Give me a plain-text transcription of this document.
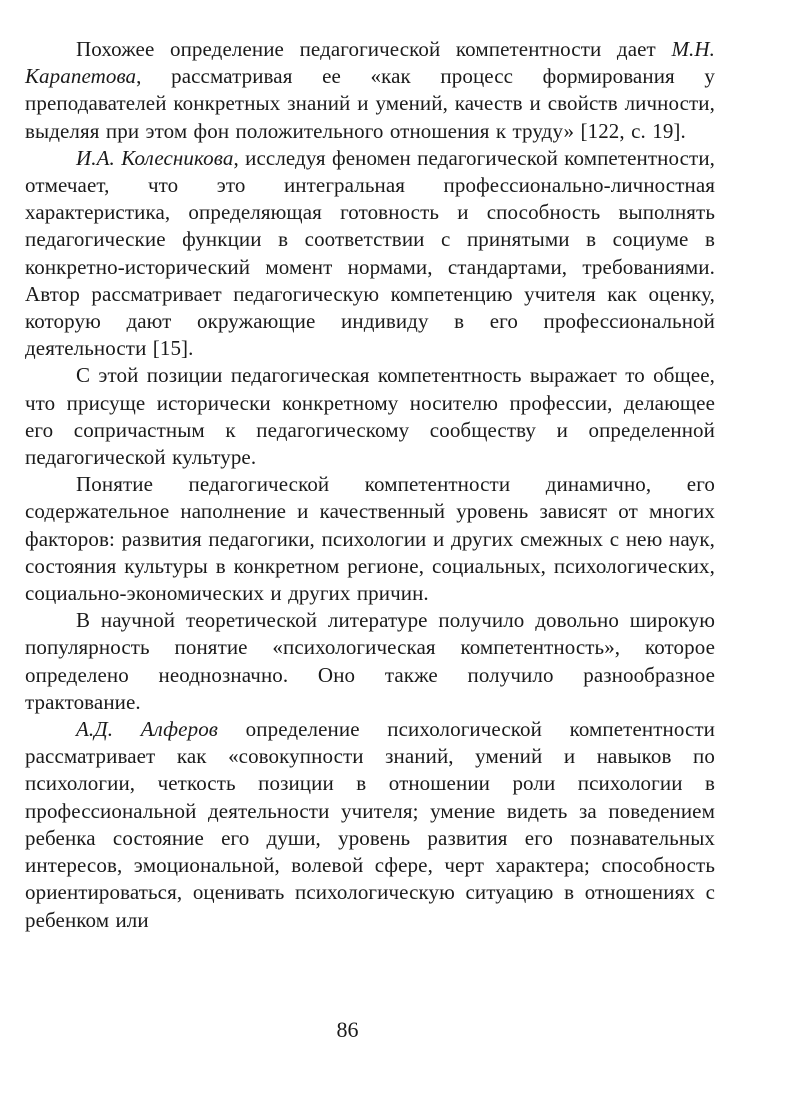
Похожее определение педагогической компетентности дает М.Н. Карапетова, рассматривая ее «как процесс формирования у преподавателей конкретных знаний и умений, качеств и свойств личности, выделяя при этом фон положительного отношения к труду» [122, с. 19].

И.А. Колесникова, исследуя феномен педагогической компетентности, отмечает, что это интегральная профессионально-личностная характеристика, определяющая готовность и способность выполнять педагогические функции в соответствии с принятыми в социуме в конкретно-исторический момент нормами, стандартами, требованиями. Автор рассматривает педагогическую компетенцию учителя как оценку, которую дают окружающие индивиду в его профессиональной деятельности [15].

С этой позиции педагогическая компетентность выражает то общее, что присуще исторически конкретному носителю профессии, делающее его сопричастным к педагогическому сообществу и определенной педагогической культуре.

Понятие педагогической компетентности динамично, его содержательное наполнение и качественный уровень зависят от многих факторов: развития педагогики, психологии и других смежных с нею наук, состояния культуры в конкретном регионе, социальных, психологических, социально-экономических и других причин.

В научной теоретической литературе получило довольно широкую популярность понятие «психологическая компетентность», которое определено неоднозначно. Оно также получило разнообразное трактование.

А.Д. Алферов определение психологической компетентности рассматривает как «совокупности знаний, умений и навыков по психологии, четкость позиции в отношении роли психологии в профессиональной деятельности учителя; умение видеть за поведением ребенка состояние его души, уровень развития его познавательных интересов, эмоциональной, волевой сфере, черт характера; способность ориентироваться, оценивать психологическую ситуацию в отношениях с ребенком или

86
